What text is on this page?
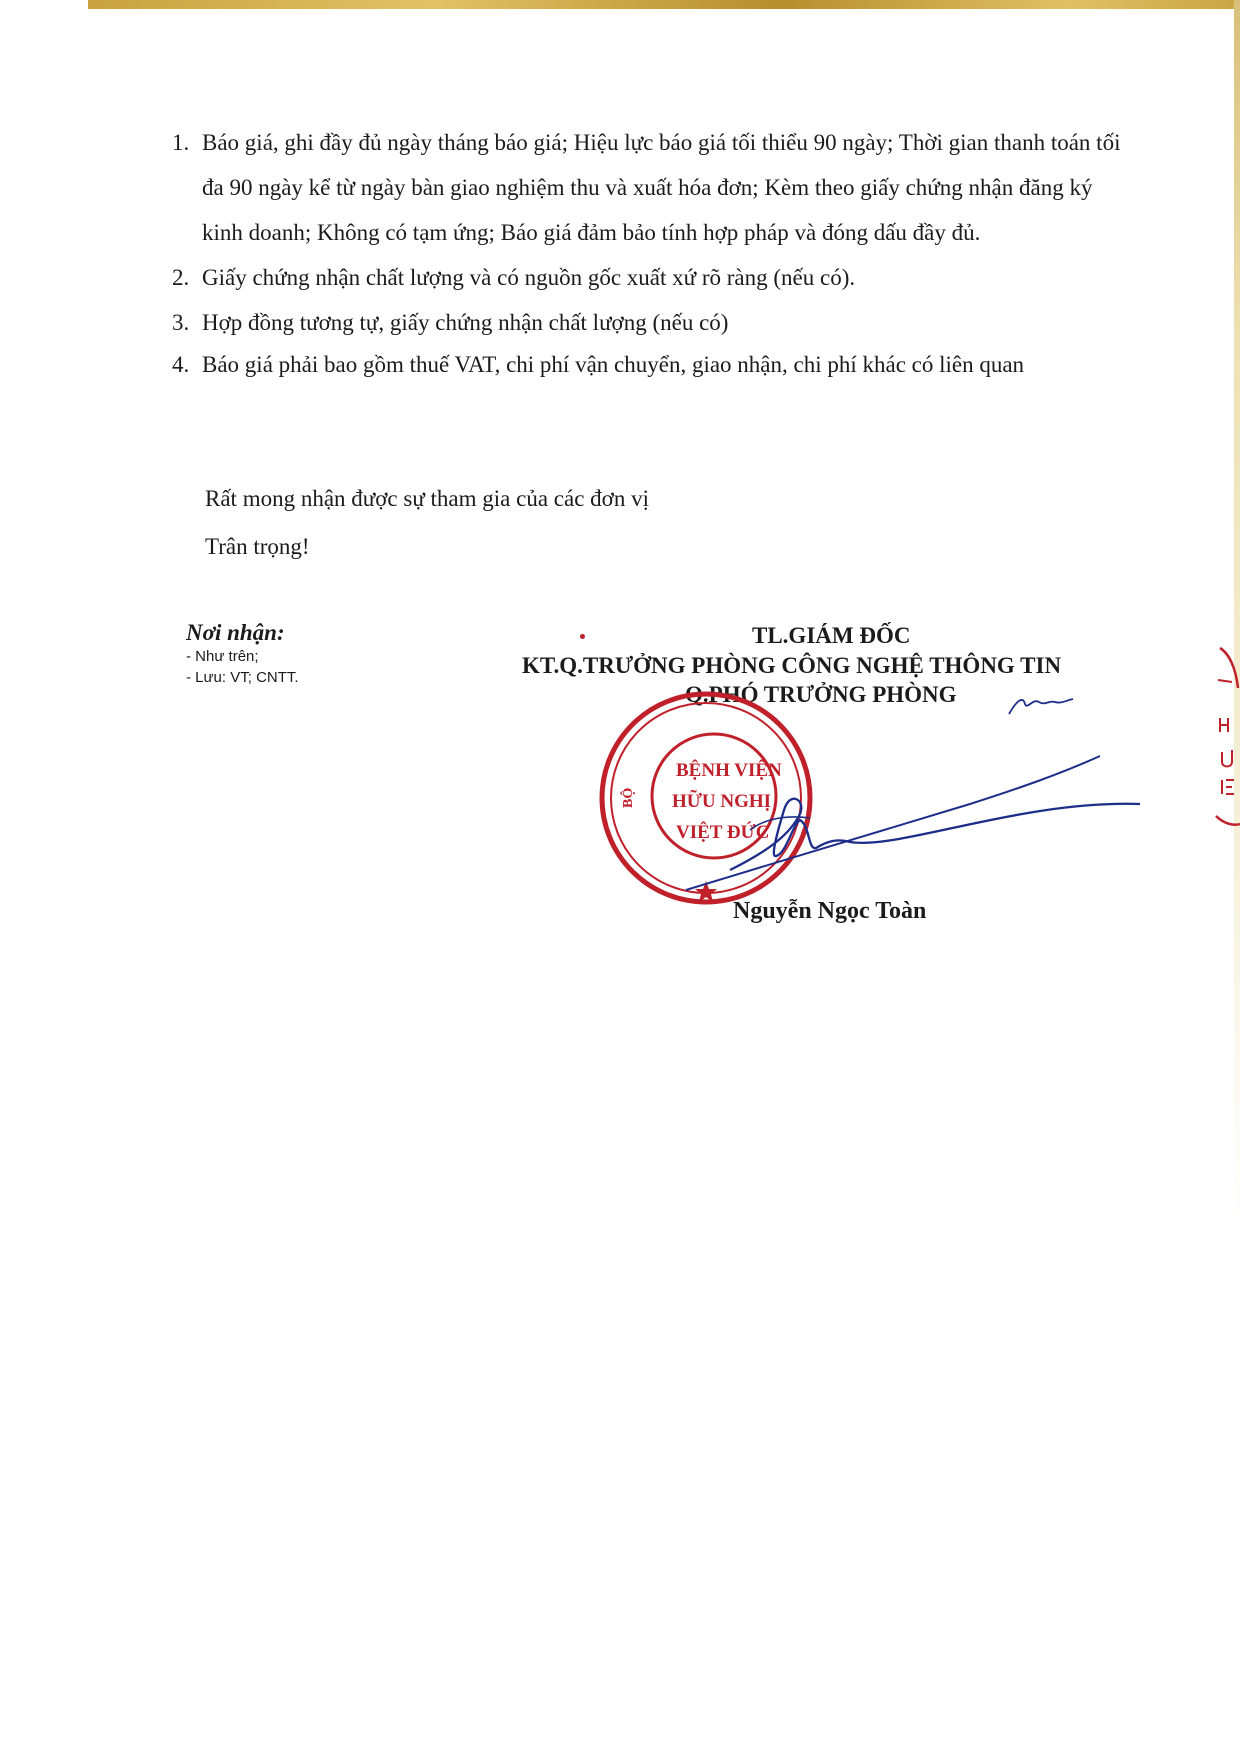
1. Báo giá, ghi đầy đủ ngày tháng báo giá; Hiệu lực báo giá tối thiểu 90 ngày; Thời gian thanh toán tối đa 90 ngày kể từ ngày bàn giao nghiệm thu và xuất hóa đơn; Kèm theo giấy chứng nhận đăng ký kinh doanh; Không có tạm ứng; Báo giá đảm bảo tính hợp pháp và đóng dấu đầy đủ.
2. Giấy chứng nhận chất lượng và có nguồn gốc xuất xứ rõ ràng (nếu có).
3. Hợp đồng tương tự, giấy chứng nhận chất lượng (nếu có)
4. Báo giá phải bao gồm thuế VAT, chi phí vận chuyển, giao nhận, chi phí khác có liên quan
Rất mong nhận được sự tham gia của các đơn vị
Trân trọng!
Nơi nhận:
- Như trên;
- Lưu: VT; CNTT.
TL.GIÁM ĐỐC
KT.Q.TRƯỞNG PHÒNG CÔNG NGHỆ THÔNG TIN
Q.PHÓ TRƯỞNG PHÒNG
BỆNH VIỆN
HỮU NGHỊ
VIỆT ĐỨC
BỘ
Nguyễn Ngọc Toàn
